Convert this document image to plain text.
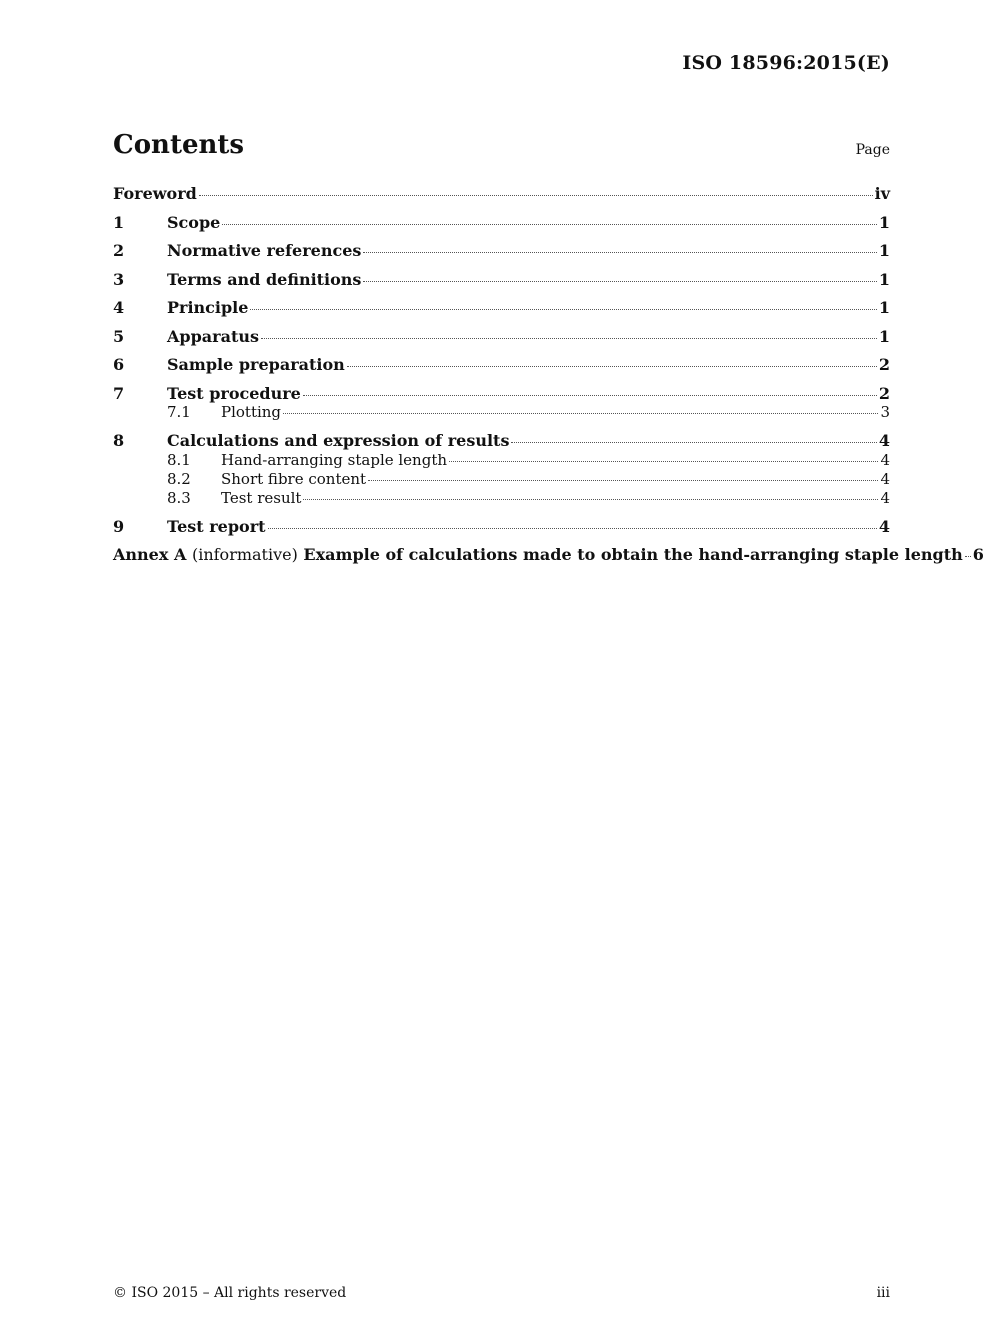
ISO 18596:2015(E)
Contents	Page
Foreword	iv
1	Scope	1
2	Normative references	1
3	Terms and definitions	1
4	Principle	1
5	Apparatus	1
6	Sample preparation	2
7	Test procedure	2
7.1	Plotting	3
8	Calculations and expression of results	4
8.1	Hand-arranging staple length	4
8.2	Short fibre content	4
8.3	Test result	4
9	Test report	4
Annex A (informative) Example of calculations made to obtain the hand-arranging staple length 6
© ISO 2015 – All rights reserved	iii
